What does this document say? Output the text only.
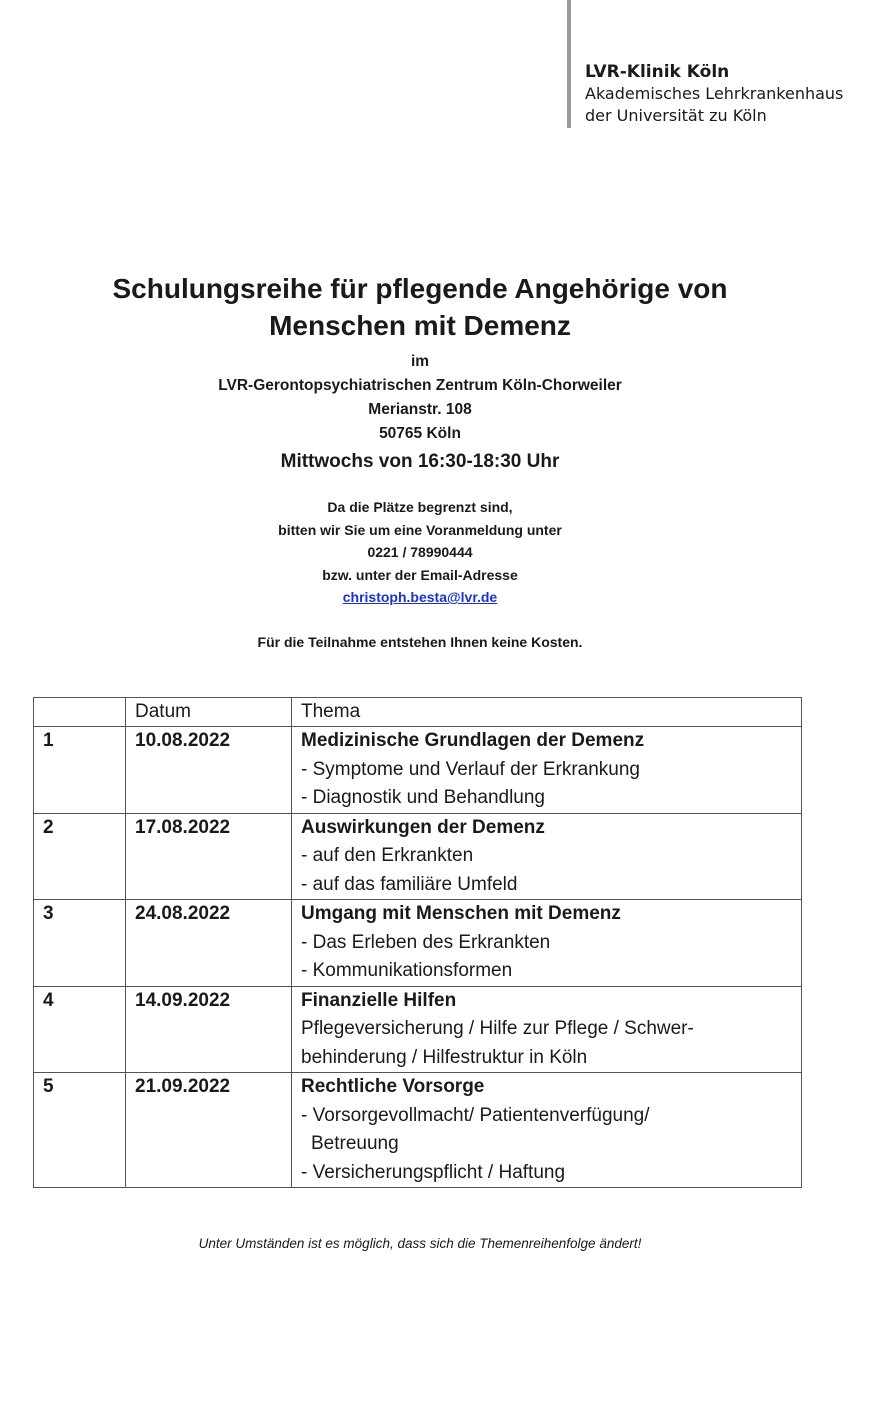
LVR-Klinik Köln
Akademisches Lehrkrankenhaus
der Universität zu Köln
Schulungsreihe für pflegende Angehörige von
Menschen mit Demenz
im
LVR-Gerontopsychiatrischen Zentrum Köln-Chorweiler
Merianstr. 108
50765 Köln
Mittwochs von 16:30-18:30 Uhr
Da die Plätze begrenzt sind,
bitten wir Sie um eine Voranmeldung unter
0221 / 78990444
bzw. unter der Email-Adresse
christoph.besta@lvr.de
Für die Teilnahme entstehen Ihnen keine Kosten.
	Datum	Thema
1	10.08.2022	Medizinische Grundlagen der Demenz
- Symptome und Verlauf der Erkrankung
- Diagnostik und Behandlung

2	17.08.2022	Auswirkungen der Demenz
- auf den Erkrankten
- auf das familiäre Umfeld

3	24.08.2022	Umgang mit Menschen mit Demenz
- Das Erleben des Erkrankten
- Kommunikationsformen

4	14.09.2022	Finanzielle Hilfen
Pflegeversicherung / Hilfe zur Pflege / Schwer-
behinderung / Hilfestruktur in Köln

5	21.09.2022	Rechtliche Vorsorge
- Vorsorgevollmacht/ Patientenverfügung/
Betreuung
- Versicherungspflicht / Haftung
Unter Umständen ist es möglich, dass sich die Themenreihenfolge ändert!
